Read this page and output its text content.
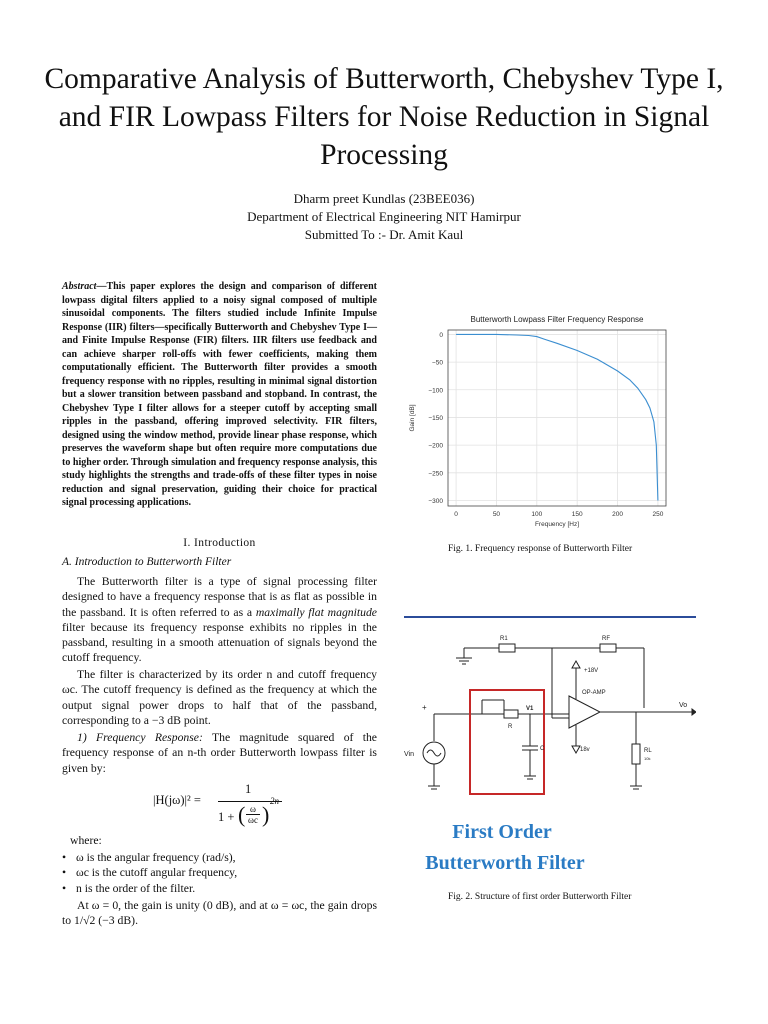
Comparative Analysis of Butterworth, Chebyshev Type I, and FIR Lowpass Filters for Noise Reduction in Signal Processing
Dharm preet Kundlas (23BEE036)
Department of Electrical Engineering NIT Hamirpur
Submitted To :- Dr. Amit Kaul
Abstract—This paper explores the design and comparison of different lowpass digital filters applied to a noisy signal composed of multiple sinusoidal components. The filters studied include Infinite Impulse Response (IIR) filters—specifically Butterworth and Chebyshev Type I—and Finite Impulse Response (FIR) filters. IIR filters use feedback and can achieve sharper roll-offs with fewer coefficients, making them computationally efficient. The Butterworth filter provides a smooth frequency response with no ripples, resulting in minimal signal distortion but a slower transition between passband and stopband. In contrast, the Chebyshev Type I filter allows for a steeper cutoff by accepting small ripples in the passband, offering improved selectivity. FIR filters, designed using the window method, provide linear phase response, which preserves the waveform shape but often require more computations due to higher order. Through simulation and frequency response analysis, this study highlights the strengths and trade-offs of these filter types in noise reduction and signal preservation, guiding their choice for practical signal processing applications.
I. Introduction
A. Introduction to Butterworth Filter
The Butterworth filter is a type of signal processing filter designed to have a frequency response that is as flat as possible in the passband. It is often referred to as a maximally flat magnitude filter because its frequency response exhibits no ripples in the passband, resulting in a smooth attenuation of signals beyond the cutoff frequency.
The filter is characterized by its order n and cutoff frequency ωc. The cutoff frequency is defined as the frequency at which the output signal power drops to half that of the passband, corresponding to a −3 dB point.
1) Frequency Response: The magnitude squared of the frequency response of an n-th order Butterworth lowpass filter is given by:
|H(jω)|² =
1
1 + ( $\frac{\omega}{\omega c}$ )
2n
where:
• ω is the angular frequency (rad/s),
• ωc is the cutoff angular frequency,
• n is the order of the filter.
At ω = 0, the gain is unity (0 dB), and at ω = ωc, the gain drops to 1/√2 (−3 dB).
Butterworth Lowpass Filter Frequency Response
0	50	100	150	200	250
0
−50
−100
−150
−200
−250
−300
Frequency [Hz]
Gain [dB]
Fig. 1. Frequency response of Butterworth Filter
R1	RF
+18V
OP-AMP
Vo
V1
R
C
Vin
18v	RL
10k
+
First Order
Butterworth Filter
Fig. 2. Structure of first order Butterworth Filter
